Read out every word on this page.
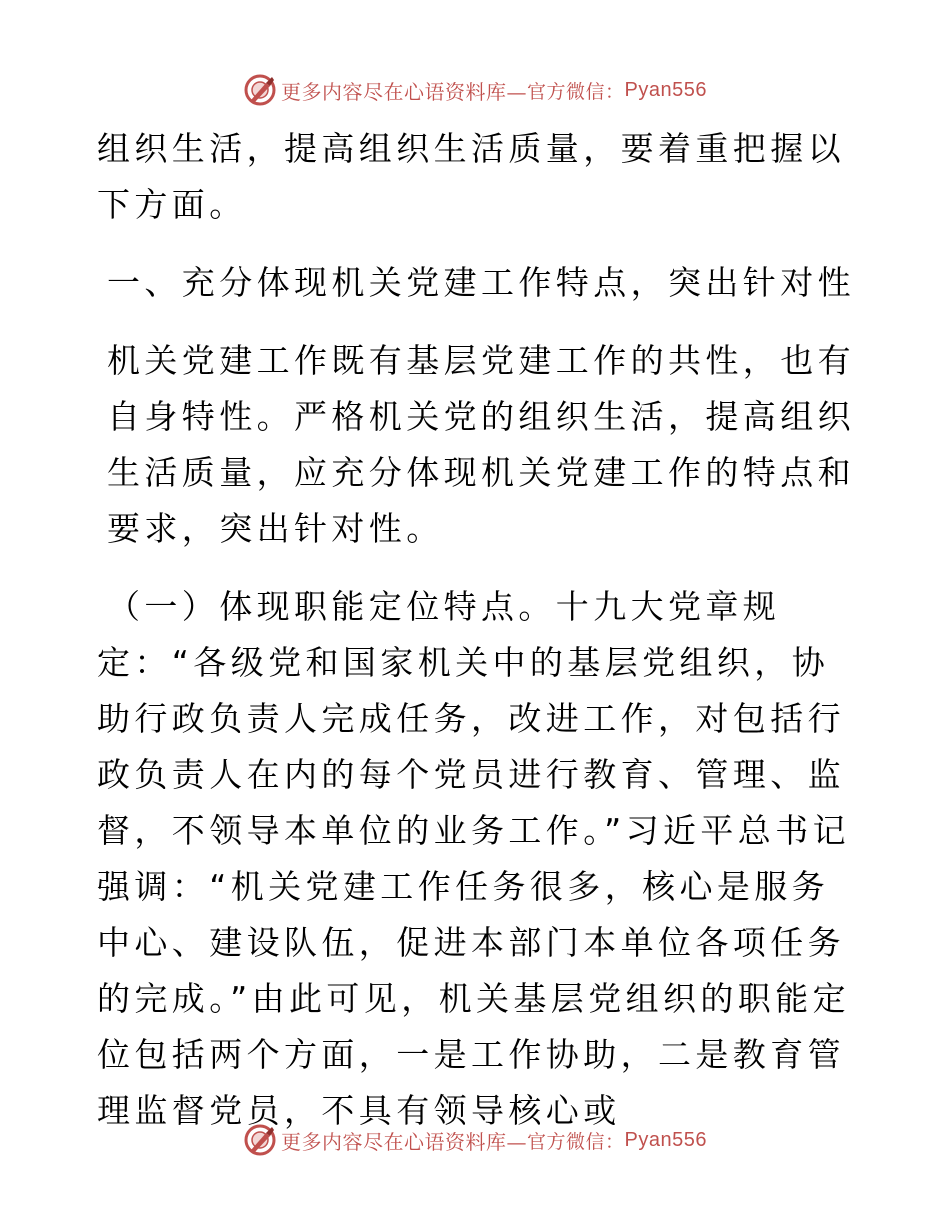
更多内容尽在心语资料库— 官方微信： Pyan556

组织生活，提高组织生活质量，要着重把握以下方面。

一、充分体现机关党建工作特点，突出针对性

机关党建工作既有基层党建工作的共性，也有自身特性。严格机关党的组织生活，提高组织生活质量，应充分体现机关党建工作的特点和要求，突出针对性。

（一）体现职能定位特点。十九大党章规

定：“各级党和国家机关中的基层党组织，协助行政负责人完成任务，改进工作，对包括行政负责人在内的每个党员进行教育、管理、监督，不领导本单位的业务工作。”习近平总书记强调：“机关党建工作任务很多，核心是服务中心、建设队伍，促进本部门本单位各项任务的完成。”由此可见，机关基层党组织的职能定位包括两个方面，一是工作协助，二是教育管理监督党员，不具有领导核心或

更多内容尽在心语资料库— 官方微信： Pyan556
